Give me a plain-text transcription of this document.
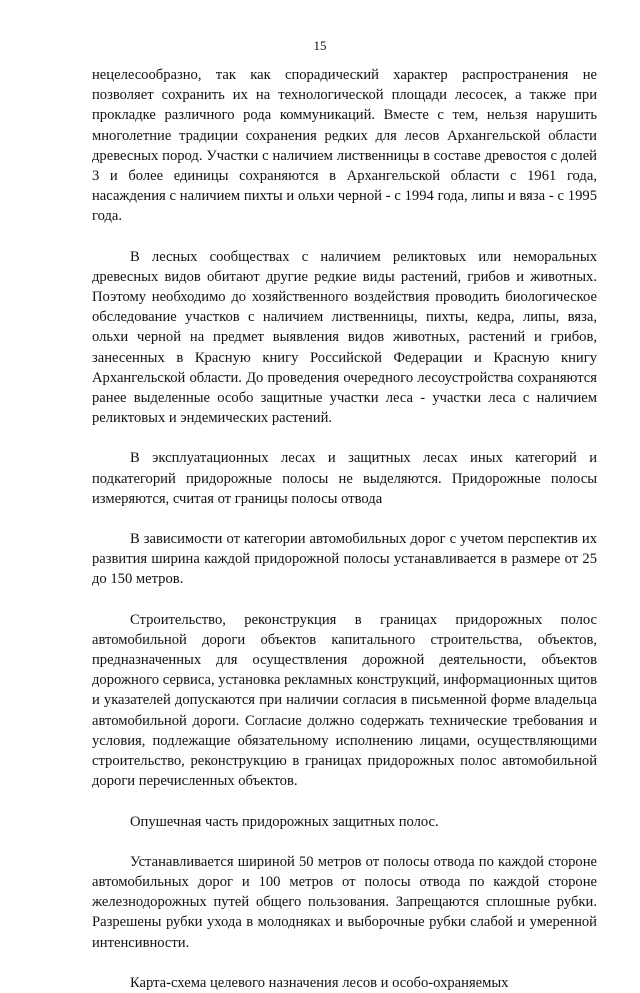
15

нецелесообразно, так как спорадический характер распространения не позволяет сохранить их на технологической площади лесосек, а также при прокладке различного рода коммуникаций. Вместе с тем, нельзя нарушить многолетние традиции сохранения редких для лесов Архангельской области древесных пород. Участки с наличием лиственницы в составе древостоя с долей 3 и более единицы сохраняются в Архангельской области с 1961 года, насаждения с наличием пихты и ольхи черной - с 1994 года, липы и вяза - с 1995 года.

В лесных сообществах с наличием реликтовых или неморальных древесных видов обитают другие редкие виды растений, грибов и животных. Поэтому необходимо до хозяйственного воздействия проводить биологическое обследование участков с наличием лиственницы, пихты, кедра, липы, вяза, ольхи черной на предмет выявления видов животных, растений и грибов, занесенных в Красную книгу Российской Федерации и Красную книгу Архангельской области. До проведения очередного лесоустройства сохраняются ранее выделенные особо защитные участки леса - участки леса с наличием реликтовых и эндемических растений.

В эксплуатационных лесах и защитных лесах иных категорий и подкатегорий придорожные полосы не выделяются. Придорожные полосы измеряются, считая от границы полосы отвода

В зависимости от категории автомобильных дорог с учетом перспектив их развития ширина каждой придорожной полосы устанавливается в размере от 25 до 150 метров.

Строительство, реконструкция в границах придорожных полос автомобильной дороги объектов капитального строительства, объектов, предназначенных для осуществления дорожной деятельности, объектов дорожного сервиса, установка рекламных конструкций, информационных щитов и указателей допускаются при наличии согласия в письменной форме владельца автомобильной дороги. Согласие должно содержать технические требования и условия, подлежащие обязательному исполнению лицами, осуществляющими строительство, реконструкцию в границах придорожных полос автомобильной дороги перечисленных объектов.

Опушечная часть придорожных защитных полос.

Устанавливается шириной 50 метров от полосы отвода по каждой стороне автомобильных дорог и 100 метров от полосы отвода по каждой стороне железнодорожных путей общего пользования. Запрещаются сплошные рубки. Разрешены рубки ухода в молодняках и выборочные рубки слабой и умеренной интенсивности.

Карта-схема целевого назначения лесов и особо-охраняемых
